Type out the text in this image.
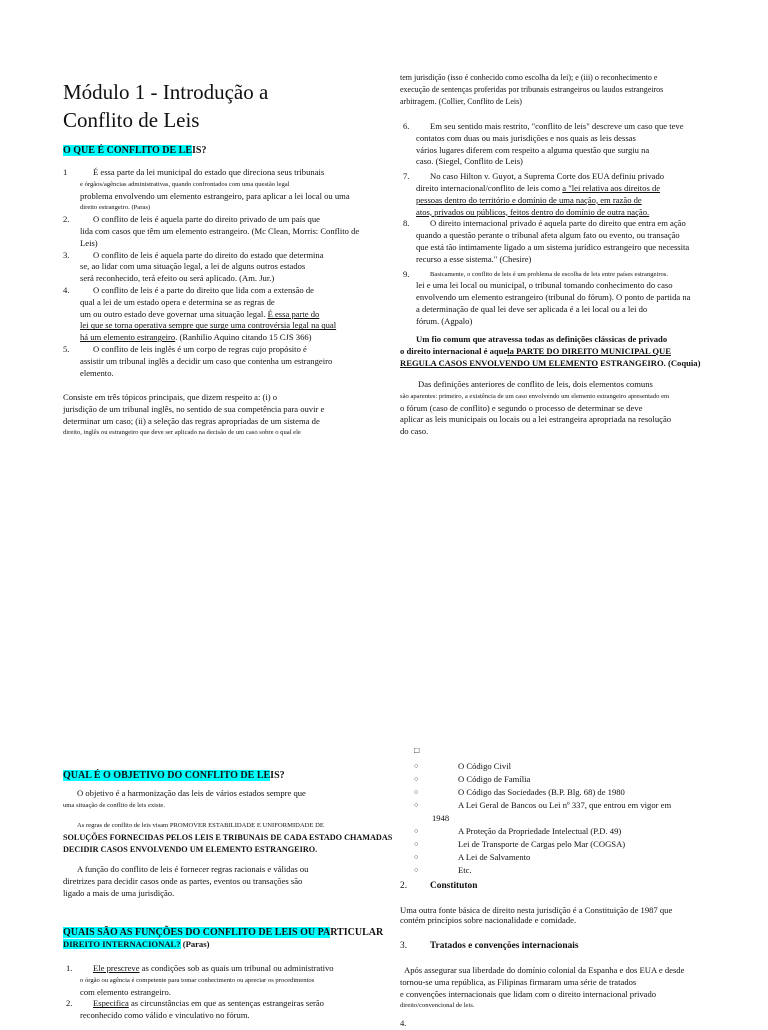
Módulo 1 - Introdução a
Conflito de Leis
O QUE É CONFLITO DE LEIS?
1	É essa parte da lei municipal do estado que direciona seus tribunais
e órgãos/agências administrativas, quando confrontados com uma questão legal
problema envolvendo um elemento estrangeiro, para aplicar a lei local ou uma
direito estrangeiro. (Paras)
2.	O conflito de leis é aquela parte do direito privado de um país que
lida com casos que têm um elemento estrangeiro. (Mc Clean, Morris: Conflito de
Leis)
3.	O conflito de leis é aquela parte do direito do estado que determina
se, ao lidar com uma situação legal, a lei de alguns outros estados
será reconhecido, terá efeito ou será aplicado. (Am. Jur.)
4.	O conflito de leis é a parte do direito que lida com a extensão de
qual a lei de um estado opera e determina se as regras de
um ou outro estado deve governar uma situação legal. É essa parte do
lei que se torna operativa sempre que surge uma controvérsia legal na qual
há um elemento estrangeiro. (Ranhilio Aquino citando 15 CJS 366)
5.	O conflito de leis inglês é um corpo de regras cujo propósito é
assistir um tribunal inglês a decidir um caso que contenha um estrangeiro
elemento.
Consiste em três tópicos principais, que dizem respeito a: (i) o
jurisdição de um tribunal inglês, no sentido de sua competência para ouvir e
determinar um caso; (ii) a seleção das regras apropriadas de um sistema de
direito, inglês ou estrangeiro que deve ser aplicado na decisão de um caso sobre o qual ele
tem jurisdição (isso é conhecido como escolha da lei); e (iii) o reconhecimento e
execução de sentenças proferidas por tribunais estrangeiros ou laudos estrangeiros
arbitragem. (Collier, Conflito de Leis)
6.	Em seu sentido mais restrito, "conflito de leis" descreve um caso que teve
contatos com duas ou mais jurisdições e nos quais as leis dessas
vários lugares diferem com respeito a alguma questão que surgiu na
caso. (Siegel, Conflito de Leis)
7.	No caso Hilton v. Guyot, a Suprema Corte dos EUA definiu privado
direito internacional/conflito de leis como a "lei relativa aos direitos de
pessoas dentro do território e domínio de uma nação, em razão de
atos, privados ou públicos, feitos dentro do domínio de outra nação.
8.	O direito internacional privado é aquela parte do direito que entra em ação
quando a questão perante o tribunal afeta algum fato ou evento, ou transação
que está tão intimamente ligado a um sistema jurídico estrangeiro que necessita
recurso a esse sistema." (Chesire)
9.	Basicamente, o conflito de leis é um problema de escolha de leis entre países estrangeiros.
lei e uma lei local ou municipal, o tribunal tomando conhecimento do caso
envolvendo um elemento estrangeiro (tribunal do fórum). O ponto de partida na
a determinação de qual lei deve ser aplicada é a lei local ou a lei do
fórum. (Agpalo)
Um fio comum que atravessa todas as definições clássicas de privado
o direito internacional é aquela PARTE DO DIREITO MUNICIPAL QUE
REGULA CASOS ENVOLVENDO UM ELEMENTO ESTRANGEIRO. (Coquia)
Das definições anteriores de conflito de leis, dois elementos comuns
são aparentes: primeiro, a existência de um caso envolvendo um elemento estrangeiro apresentado em
o fórum (caso de conflito) e segundo o processo de determinar se deve
aplicar as leis municipais ou locais ou a lei estrangeira apropriada na resolução
do caso.
QUAL É O OBJETIVO DO CONFLITO DE LEIS?
O objetivo é a harmonização das leis de vários estados sempre que
uma situação de conflito de leis existe.
As regras de conflito de leis visam PROMOVER ESTABILIDADE E UNIFORMIDADE DE
SOLUÇÕES FORNECIDAS PELOS LEIS E TRIBUNAIS DE CADA ESTADO CHAMADAS
DECIDIR CASOS ENVOLVENDO UM ELEMENTO ESTRANGEIRO.
A função do conflito de leis é fornecer regras racionais e válidas ou
diretrizes para decidir casos onde as partes, eventos ou transações são
ligado a mais de uma jurisdição.
QUAIS SÃO AS FUNÇÕES DO CONFLITO DE LEIS OU PARTICULAR
DIREITO INTERNACIONAL? (Paras)
1.	Ele prescreve as condições sob as quais um tribunal ou administrativo
o órgão ou agência é competente para tomar conhecimento ou apreciar os procedimentos
com elemento estrangeiro.
2.	Especifica as circunstâncias em que as sentenças estrangeiras serão
reconhecido como válido e vinculativo no fórum.
□
○	O Código Civil
○	O Código de Família
○	O Código das Sociedades (B.P. Blg. 68) de 1980
○	A Lei Geral de Bancos ou Lei nº 337, que entrou em vigor em
1948
○	A Proteção da Propriedade Intelectual (P.D. 49)
○	Lei de Transporte de Cargas pelo Mar (COGSA)
○	A Lei de Salvamento
○	Etc.
2. Constituton
Uma outra fonte básica de direito nesta jurisdição é a Constituição de 1987 que
contém princípios sobre nacionalidade e comidade.
3. Tratados e convenções internacionais
Após assegurar sua liberdade do domínio colonial da Espanha e dos EUA e desde
tornou-se uma república, as Filipinas firmaram uma série de tratados
e convenções internacionais que lidam com o direito internacional privado
direito/convencional de leis.
4.
